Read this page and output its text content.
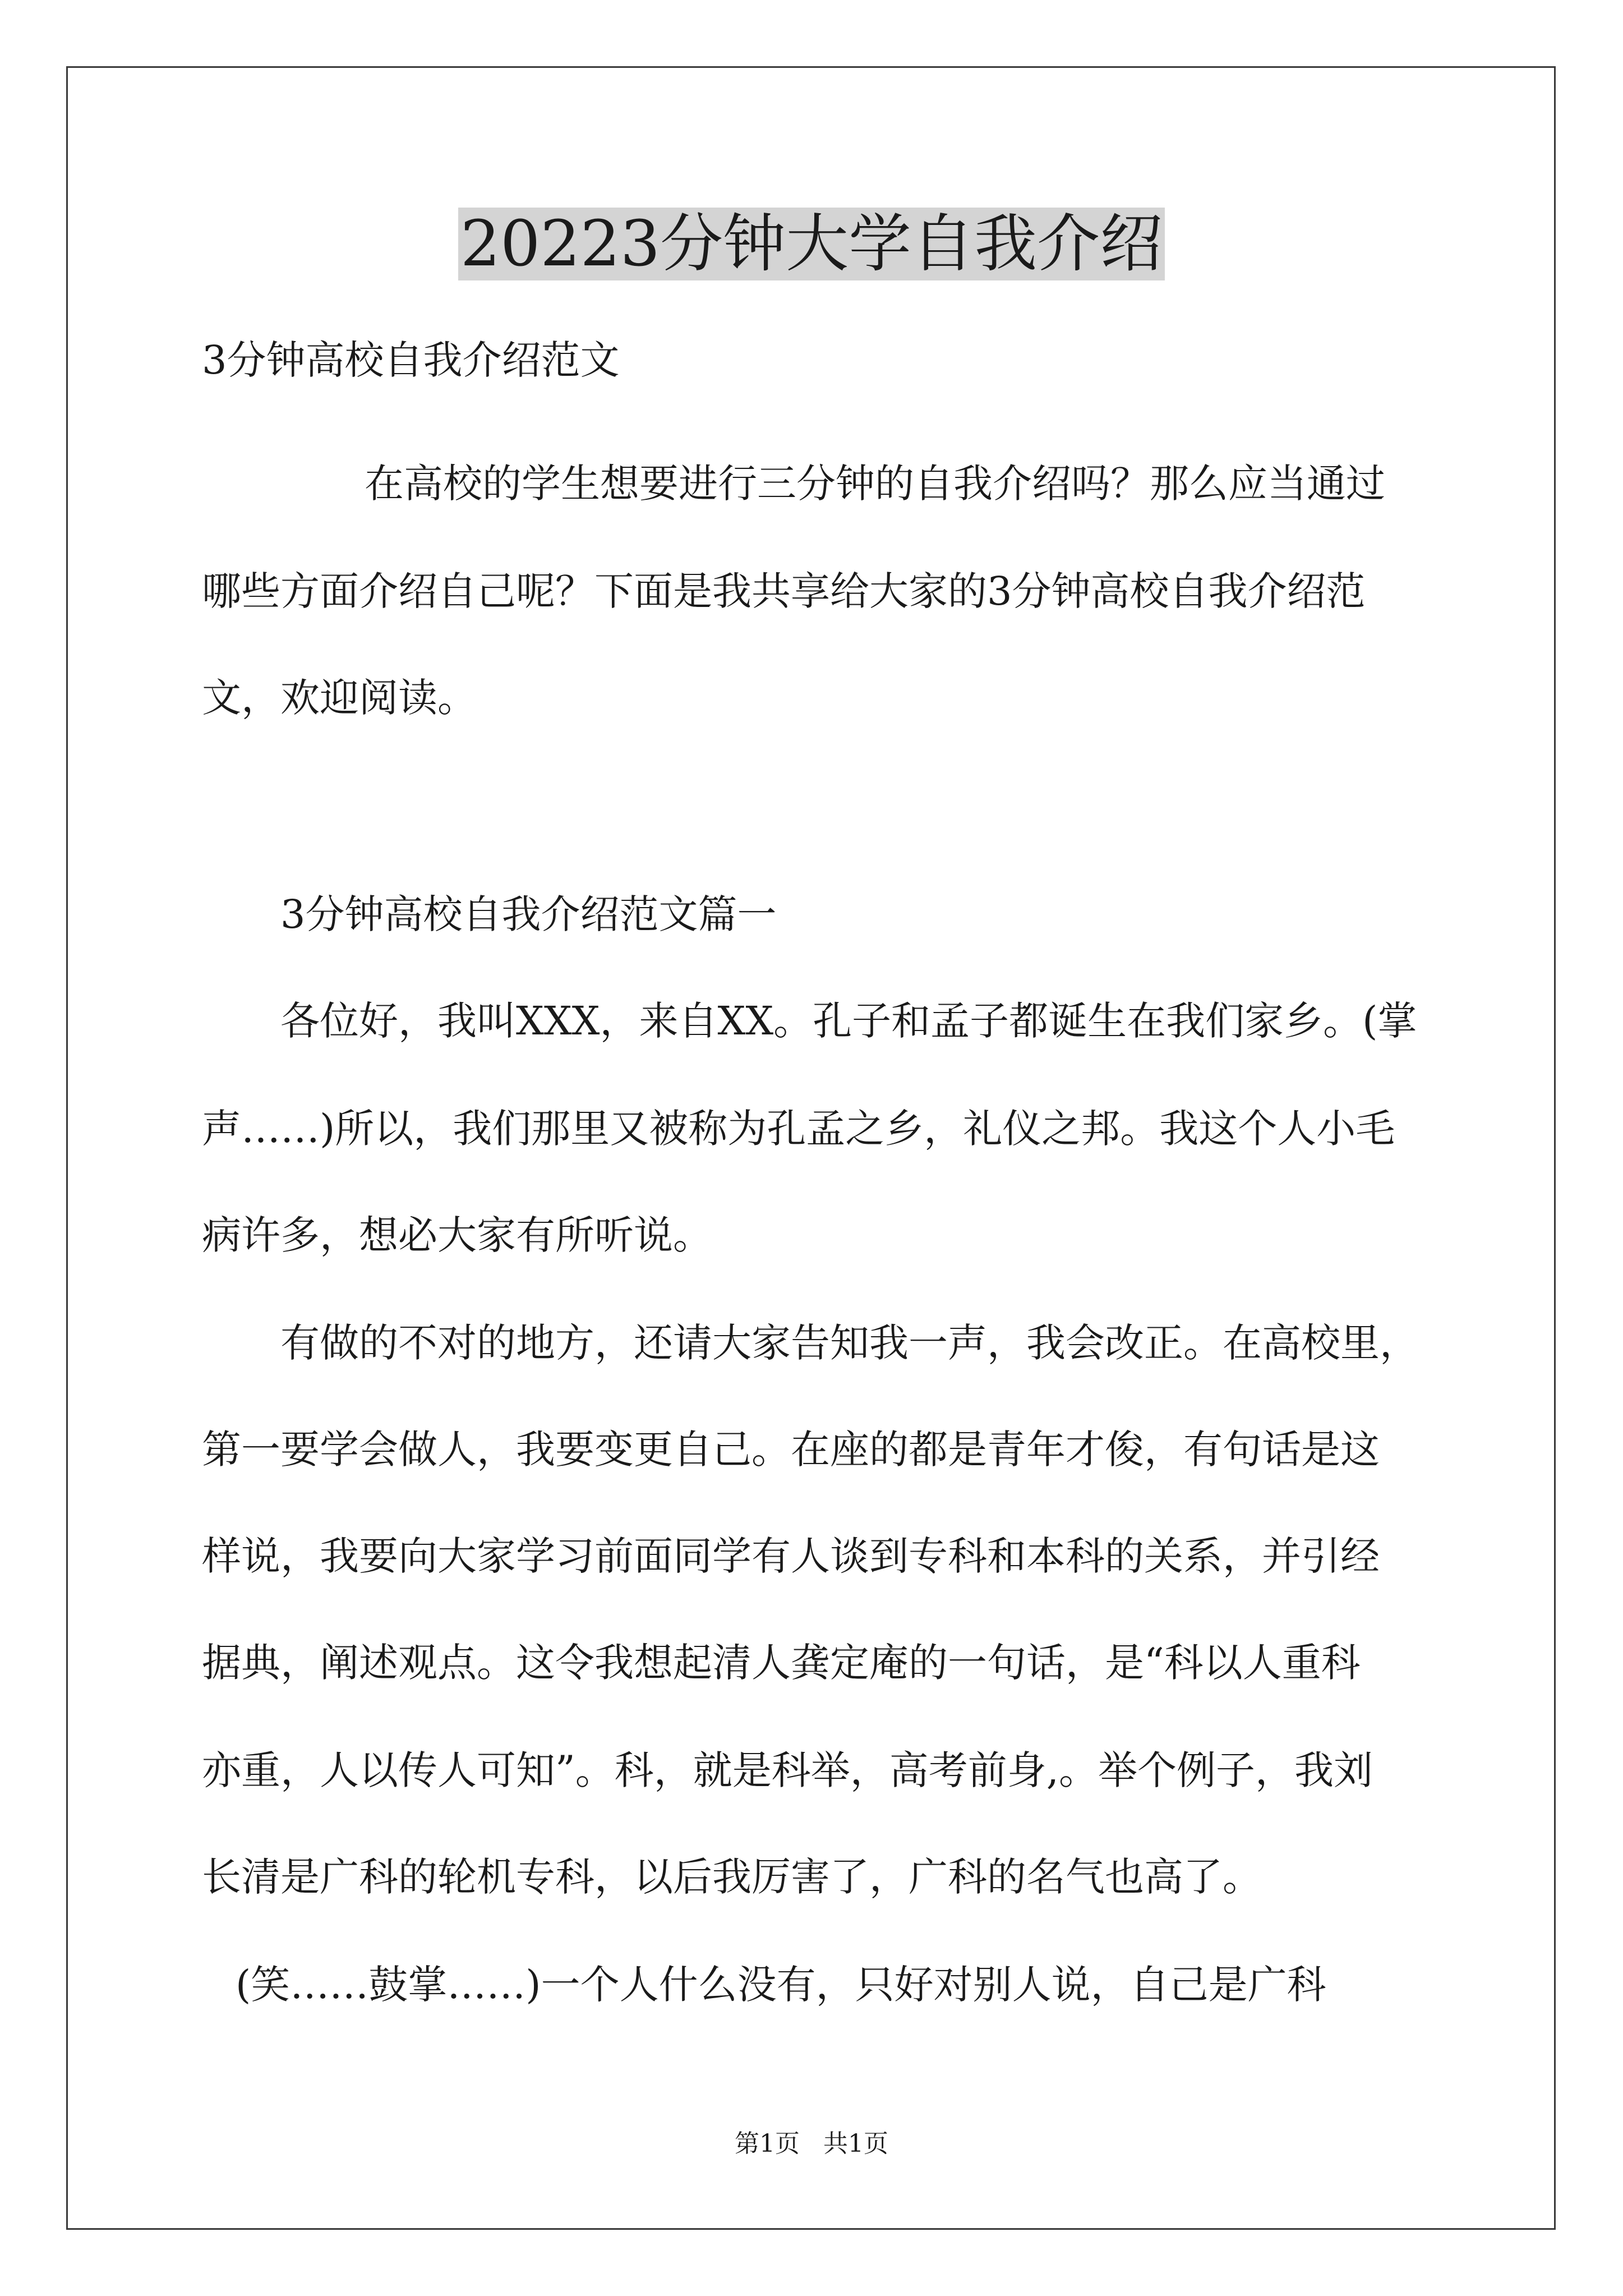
20223分钟大学自我介绍
3分钟高校自我介绍范文
在高校的学生想要进行三分钟的自我介绍吗？那么应当通过
哪些方面介绍自己呢？下面是我共享给大家的3分钟高校自我介绍范
文，欢迎阅读。
3分钟高校自我介绍范文篇一
各位好，我叫XXX，来自XX。孔子和孟子都诞生在我们家乡。(掌
声……)所以，我们那里又被称为孔孟之乡，礼仪之邦。我这个人小毛
病许多，想必大家有所听说。
有做的不对的地方，还请大家告知我一声，我会改正。在高校里，
第一要学会做人，我要变更自己。在座的都是青年才俊，有句话是这
样说，我要向大家学习前面同学有人谈到专科和本科的关系，并引经
据典，阐述观点。这令我想起清人龚定庵的一句话，是“科以人重科
亦重，人以传人可知”。科，就是科举，高考前身,。举个例子，我刘
长清是广科的轮机专科，以后我厉害了，广科的名气也高了。
(笑……鼓掌……)一个人什么没有，只好对别人说，自己是广科
第1页   共1页
